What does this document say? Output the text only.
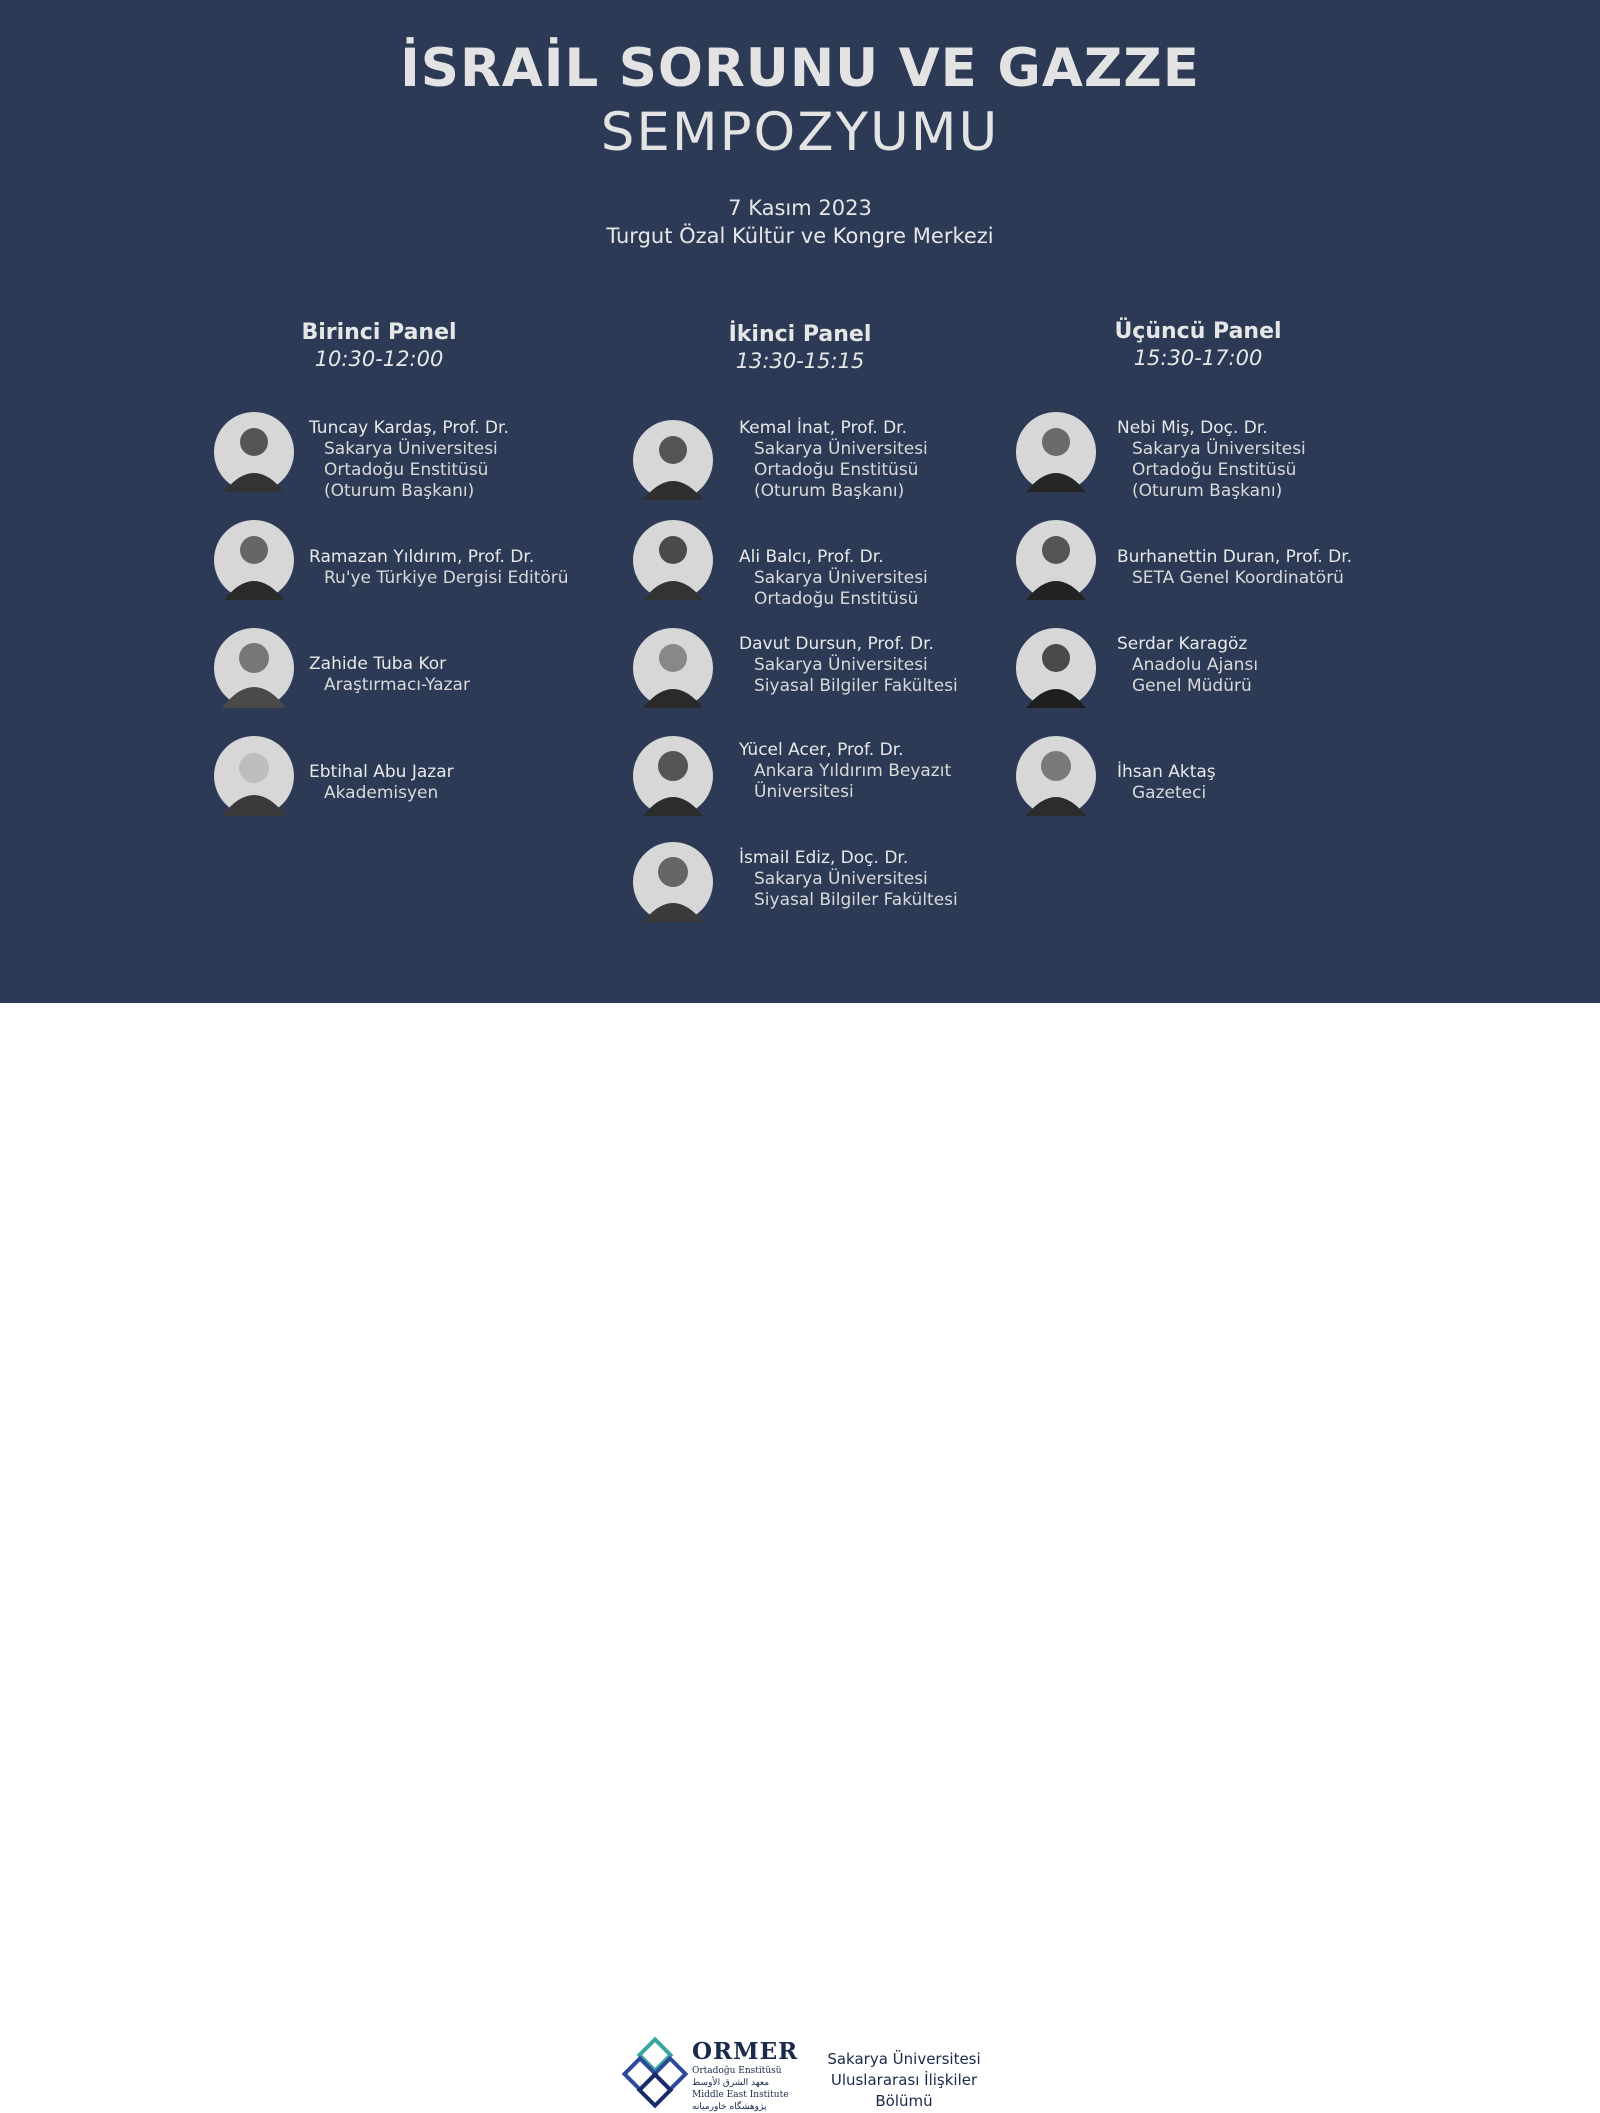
İSRAİL SORUNU VE GAZZE
SEMPOZYUMU
7 Kasım 2023
Turgut Özal Kültür ve Kongre Merkezi
Birinci Panel
10:30-12:00
İkinci Panel
13:30-15:15
Üçüncü Panel
15:30-17:00
Tuncay Kardaş, Prof. Dr.
Sakarya Üniversitesi
Ortadoğu Enstitüsü
(Oturum Başkanı)
Ramazan Yıldırım, Prof. Dr.
Ru'ye Türkiye Dergisi Editörü
Zahide Tuba Kor
Araştırmacı-Yazar
Ebtihal Abu Jazar
Akademisyen
Kemal İnat, Prof. Dr.
Sakarya Üniversitesi
Ortadoğu Enstitüsü
(Oturum Başkanı)
Ali Balcı, Prof. Dr.
Sakarya Üniversitesi
Ortadoğu Enstitüsü
Davut Dursun, Prof. Dr.
Sakarya Üniversitesi
Siyasal Bilgiler Fakültesi
Yücel Acer, Prof. Dr.
Ankara Yıldırım Beyazıt
Üniversitesi
İsmail Ediz, Doç. Dr.
Sakarya Üniversitesi
Siyasal Bilgiler Fakültesi
Nebi Miş, Doç. Dr.
Sakarya Üniversitesi
Ortadoğu Enstitüsü
(Oturum Başkanı)
Burhanettin Duran, Prof. Dr.
SETA Genel Koordinatörü
Serdar Karagöz
Anadolu Ajansı
Genel Müdürü
İhsan Aktaş
Gazeteci
ORMER
Ortadoğu Enstitüsü
معهد الشرق الأوسط
Middle East Institute
پژوهشگاه خاورمیانه
Sakarya Üniversitesi
Uluslararası İlişkiler
Bölümü
